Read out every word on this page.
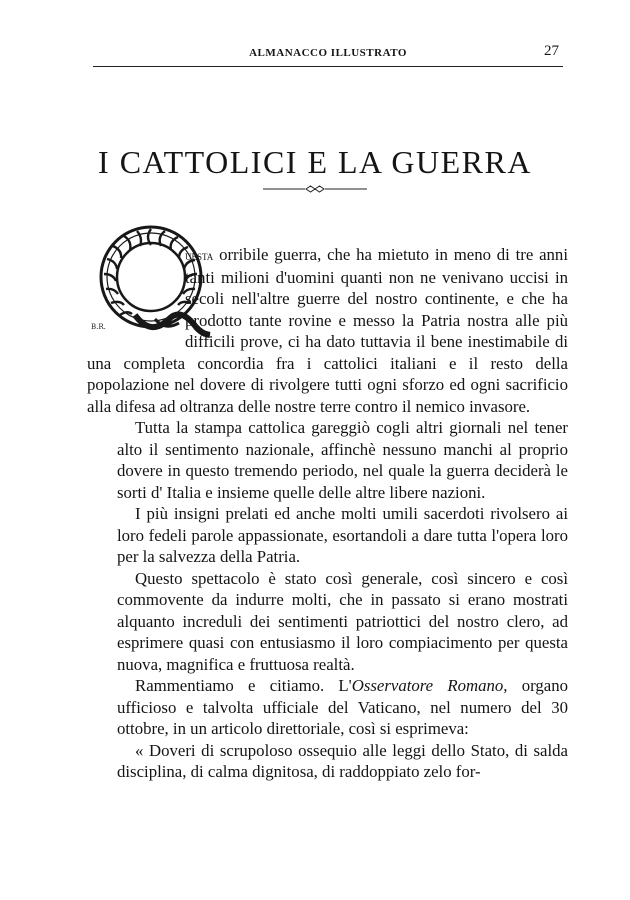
ALMANACCO ILLUSTRATO	27
I CATTOLICI E LA GUERRA
B.R.

uesta orribile guerra, che ha mietuto in meno di tre anni tanti milioni d'uomini quanti non ne venivano uccisi in secoli nell'altre guerre del nostro continente, e che ha prodotto tante rovine e messo la Patria nostra alle più difficili prove, ci ha dato tuttavia il bene inestimabile di una completa concordia fra i cattolici italiani e il resto della popolazione nel dovere di rivolgere tutti ogni sforzo ed ogni sacrificio alla difesa ad oltranza delle nostre terre contro il nemico invasore.

Tutta la stampa cattolica gareggiò cogli altri giornali nel tener alto il sentimento nazionale, affinchè nessuno manchi al proprio dovere in questo tremendo periodo, nel quale la guerra deciderà le sorti d' Italia e insieme quelle delle altre libere nazioni.

I più insigni prelati ed anche molti umili sacerdoti rivolsero ai loro fedeli parole appassionate, esortandoli a dare tutta l'opera loro per la salvezza della Patria.

Questo spettacolo è stato così generale, così sincero e così commovente da indurre molti, che in passato si erano mostrati alquanto increduli dei sentimenti patriottici del nostro clero, ad esprimere quasi con entusiasmo il loro compiacimento per questa nuova, magnifica e fruttuosa realtà.

Rammentiamo e citiamo. L'Osservatore Romano, organo ufficioso e talvolta ufficiale del Vaticano, nel numero del 30 ottobre, in un articolo direttoriale, così si esprimeva:

« Doveri di scrupoloso ossequio alle leggi dello Stato, di salda disciplina, di calma dignitosa, di raddoppiato zelo for-
